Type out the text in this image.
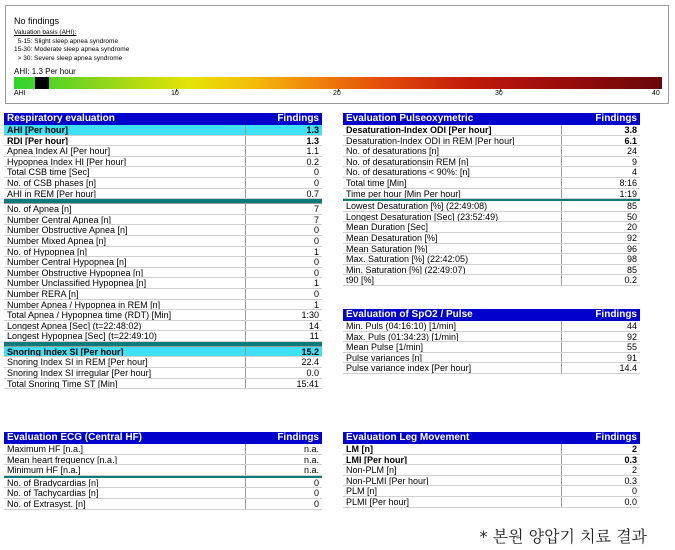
No findings
Valuation basis (AHI):
5-15: Slight sleep apnea syndrome
15-30: Moderate sleep apnea syndrome
> 30: Severe sleep apnea syndrome
AHI: 1.3 Per hour
AHI	10	20	30	40
Respiratory evaluation	Findings
AHI [Per hour]	1.3
RDI [Per hour]	1.3
Apnea Index AI [Per hour]	1.1
Hypopnea Index HI [Per hour]	0.2
Total CSB time [Sec]	0
No. of CSB phases [n]	0
AHI in REM [Per hour]	0.7
No. of Apnea [n]	7
Number Central Apnea [n]	7
Number Obstructive Apnea [n]	0
Number Mixed Apnea [n]	0
No. of Hypopnea [n]	1
Number Central Hypopnea [n]	0
Number Obstructive Hypopnea [n]	0
Number Unclassified Hypopnea [n]	1
Number RERA [n]	0
Number Apnea / Hypopnea in REM [n]	1
Total Apnea / Hypopnea time (RDT) [Min]	1:30
Longest Apnea [Sec] (t=22:48:02)	14
Longest Hypopnea [Sec] (t=22:49:10)	11
Snoring Index SI [Per hour]	15.2
Snoring Index SI in REM [Per hour]	22.4
Snoring Index SI irregular [Per hour]	0.0
Total Snoring Time ST [Min]	15:41
Evaluation Pulseoxymetric	Findings
Desaturation-Index ODI [Per hour]	3.8
Desaturation-Index ODI in REM [Per hour]	6.1
No. of desaturations [n]	24
No. of desaturationsin REM [n]	9
No. of desaturations < 90%: [n]	4
Total time [Min]	8:16
Time per hour [Min Per hour]	1:19
Lowest Desaturation [%] (22:49:08)	85
Longest Desaturation [Sec] (23:52:49)	50
Mean Duration [Sec]	20
Mean Desaturation [%]	92
Mean Saturation [%]	96
Max. Saturation [%] (22:42:05)	98
Min. Saturation [%] (22:49:07)	85
t90 [%]	0.2
Evaluation of SpO2 / Pulse	Findings
Min. Puls (04:16:10) [1/min]	44
Max. Puls (01:34:23) [1/min]	92
Mean Pulse [1/min]	55
Pulse variances [n]	91
Pulse variance index [Per hour]	14.4
Evaluation ECG (Central HF)	Findings
Maximum HF [n.a.]	n.a.
Mean heart frequency [n.a.]	n.a.
Minimum HF [n.a.]	n.a.
No. of Bradycardias [n]	0
No. of Tachycardias [n]	0
No. of Extrasyst. [n]	0
Evaluation Leg Movement	Findings
LM [n]	2
LMI [Per hour]	0.3
Non-PLM [n]	2
Non-PLMI [Per hour]	0.3
PLM [n]	0
PLMI [Per hour]	0.0
* 본원 양압기 치료 결과
